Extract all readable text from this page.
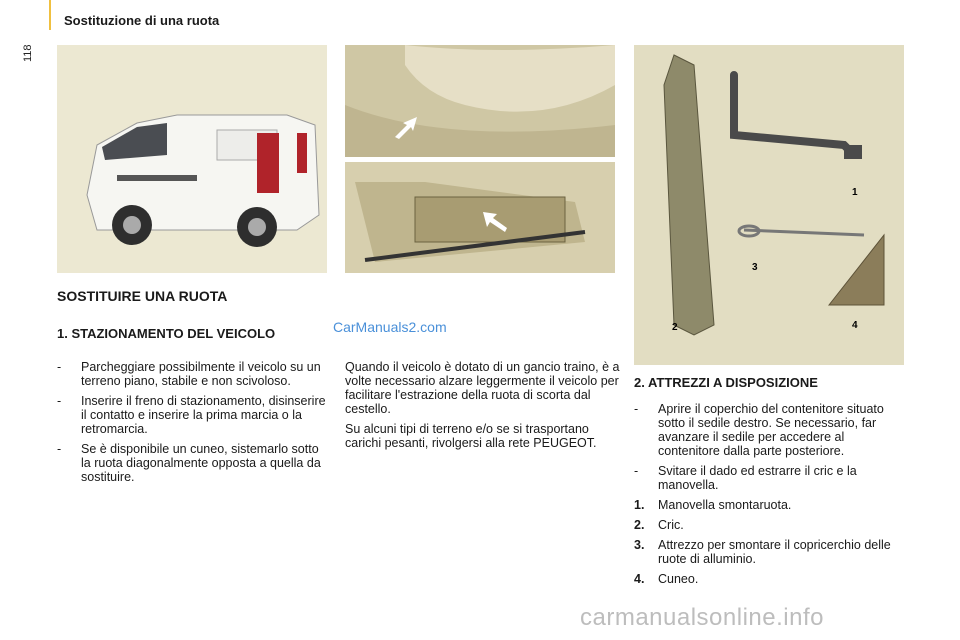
118
Sostituzione di una ruota
1
2
3
4
SOSTITUIRE UNA RUOTA
1. STAZIONAMENTO DEL VEICOLO	CarManuals2.com
- Parcheggiare possibilmente il veicolo su un terreno piano, stabile e non scivoloso.
- Inserire il freno di stazionamento, disinserire il contatto e inserire la prima marcia o la retromarcia.
- Se è disponibile un cuneo, sistemarlo sotto la ruota diagonalmente opposta a quella da sostituire.

Quando il veicolo è dotato di un gancio traino, è a volte necessario alzare leggermente il veicolo per facilitare l'estrazione della ruota di scorta dal cestello.

Su alcuni tipi di terreno e/o se si trasportano carichi pesanti, rivolgersi alla rete PEUGEOT.

2. ATTREZZI A DISPOSIZIONE
- Aprire il coperchio del contenitore situato sotto il sedile destro. Se necessario, far avanzare il sedile per accedere al contenitore dalla parte posteriore.
- Svitare il dado ed estrarre il cric e la manovella.
1. Manovella smontaruota.
2. Cric.
3. Attrezzo per smontare il copricerchio delle ruote di alluminio.
4. Cuneo.
carmanualsonline.info
